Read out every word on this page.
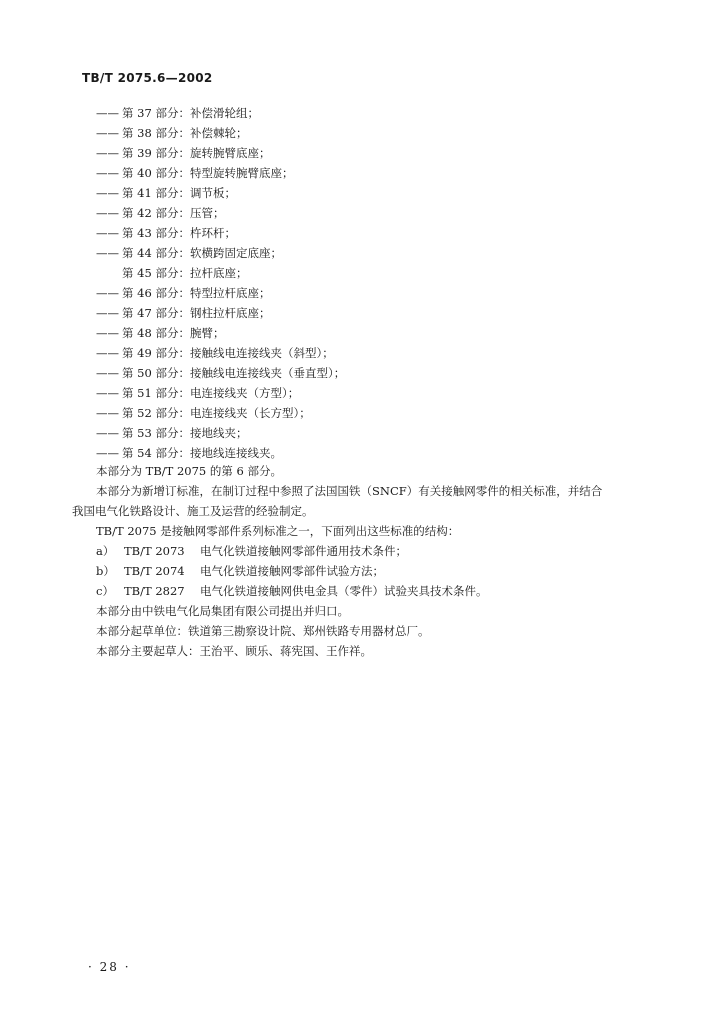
TB/T 2075.6—2002
—— 第 37 部分：补偿滑轮组；
—— 第 38 部分：补偿棘轮；
—— 第 39 部分：旋转腕臂底座；
—— 第 40 部分：特型旋转腕臂底座；
—— 第 41 部分：调节板；
—— 第 42 部分：压管；
—— 第 43 部分：杵环杆；
—— 第 44 部分：软横跨固定底座；
第 45 部分：拉杆底座；
—— 第 46 部分：特型拉杆底座；
—— 第 47 部分：钢柱拉杆底座；
—— 第 48 部分：腕臂；
—— 第 49 部分：接触线电连接线夹（斜型）；
—— 第 50 部分：接触线电连接线夹（垂直型）；
—— 第 51 部分：电连接线夹（方型）；
—— 第 52 部分：电连接线夹（长方型）；
—— 第 53 部分：接地线夹；
—— 第 54 部分：接地线连接线夹。

本部分为 TB/T 2075 的第 6 部分。

本部分为新增订标准，在制订过程中参照了法国国铁（SNCF）有关接触网零件的相关标准，并结合

我国电气化铁路设计、施工及运营的经验制定。

TB/T 2075 是接触网零部件系列标准之一，下面列出这些标准的结构：

a） TB/T 2073 电气化铁道接触网零部件通用技术条件；
b） TB/T 2074 电气化铁道接触网零部件试验方法；
c） TB/T 2827 电气化铁道接触网供电金具（零件）试验夹具技术条件。

本部分由中铁电气化局集团有限公司提出并归口。

本部分起草单位：铁道第三勘察设计院、郑州铁路专用器材总厂。

本部分主要起草人：王治平、顾乐、蒋宪国、王作祥。

· 28 ·
